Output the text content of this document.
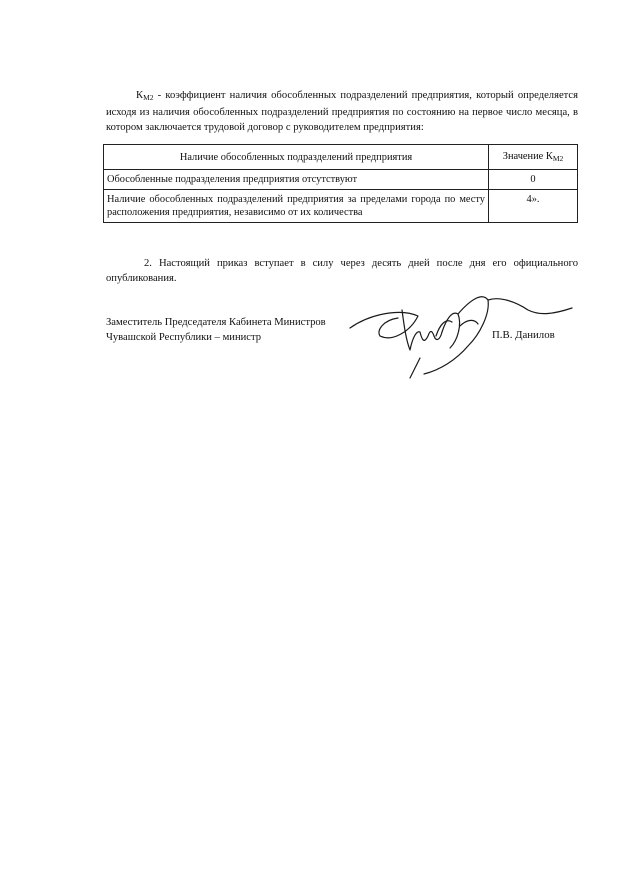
$К_{М2}$ - коэффициент наличия обособленных подразделений предприятия, который определяется исходя из наличия обособленных подразделений предприятия по состоянию на первое число месяца, в котором заключается трудовой договор с руководителем предприятия:

Наличие обособленных подразделений предприятия	Значение $К_{М2}$
Обособленные подразделения предприятия отсутствуют	0
Наличие обособленных подразделений предприятия за пределами города по месту расположения предприятия, независимо от их количества	4».

2. Настоящий приказ вступает в силу через десять дней после дня его официального опубликования.

Заместитель Председателя Кабинета Министров
Чувашской Республики – министр	П.В. Данилов
